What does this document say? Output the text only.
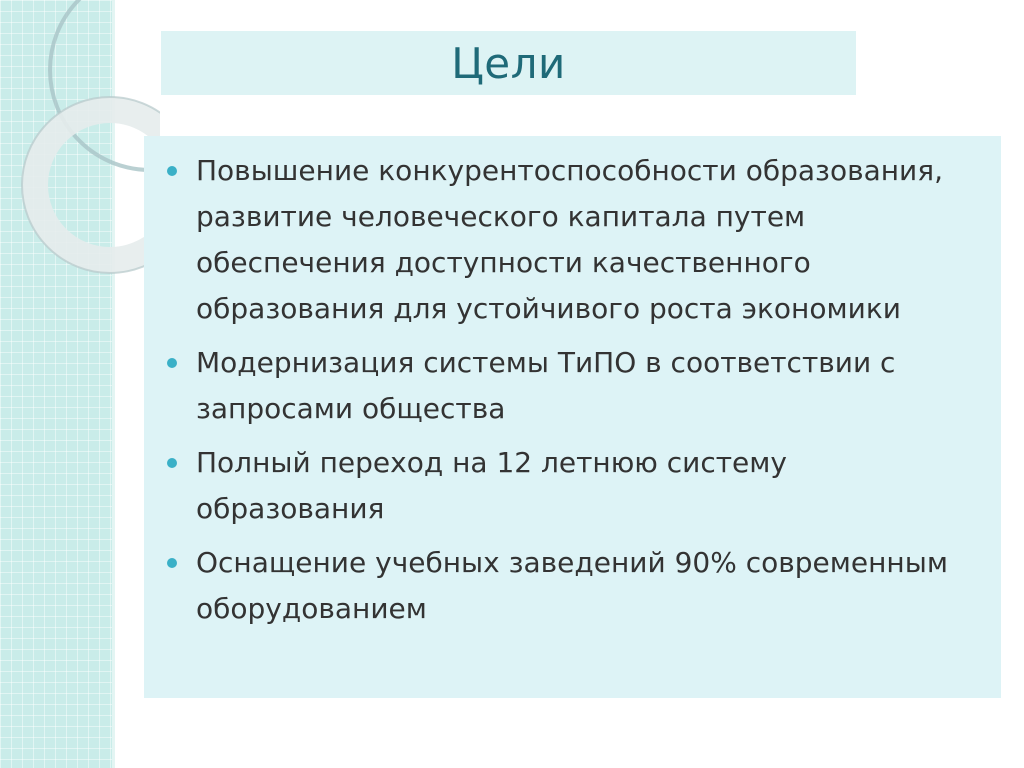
Цели
Повышение конкурентоспособности образования, развитие человеческого капитала путем обеспечения доступности качественного образования для устойчивого роста экономики
Модернизация системы ТиПО в соответствии с запросами общества
Полный переход на 12 летнюю систему образования
Оснащение учебных заведений 90% современным оборудованием
